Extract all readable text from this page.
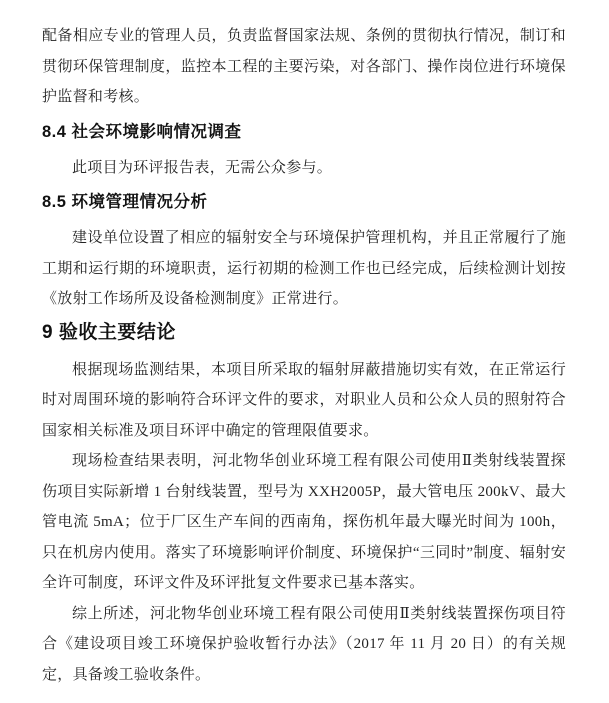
配备相应专业的管理人员，负责监督国家法规、条例的贯彻执行情况，制订和贯彻环保管理制度，监控本工程的主要污染，对各部门、操作岗位进行环境保护监督和考核。

8.4 社会环境影响情况调查

此项目为环评报告表，无需公众参与。

8.5 环境管理情况分析

建设单位设置了相应的辐射安全与环境保护管理机构，并且正常履行了施工期和运行期的环境职责，运行初期的检测工作也已经完成，后续检测计划按《放射工作场所及设备检测制度》正常进行。

9 验收主要结论

根据现场监测结果，本项目所采取的辐射屏蔽措施切实有效，在正常运行时对周围环境的影响符合环评文件的要求，对职业人员和公众人员的照射符合国家相关标准及项目环评中确定的管理限值要求。

现场检查结果表明，河北物华创业环境工程有限公司使用Ⅱ类射线装置探伤项目实际新增 1 台射线装置，型号为 XXH2005P，最大管电压 200kV、最大管电流 5mA；位于厂区生产车间的西南角，探伤机年最大曝光时间为 100h，只在机房内使用。落实了环境影响评价制度、环境保护“三同时”制度、辐射安全许可制度，环评文件及环评批复文件要求已基本落实。

综上所述，河北物华创业环境工程有限公司使用Ⅱ类射线装置探伤项目符合《建设项目竣工环境保护验收暂行办法》（2017 年 11 月 20 日）的有关规定，具备竣工验收条件。
